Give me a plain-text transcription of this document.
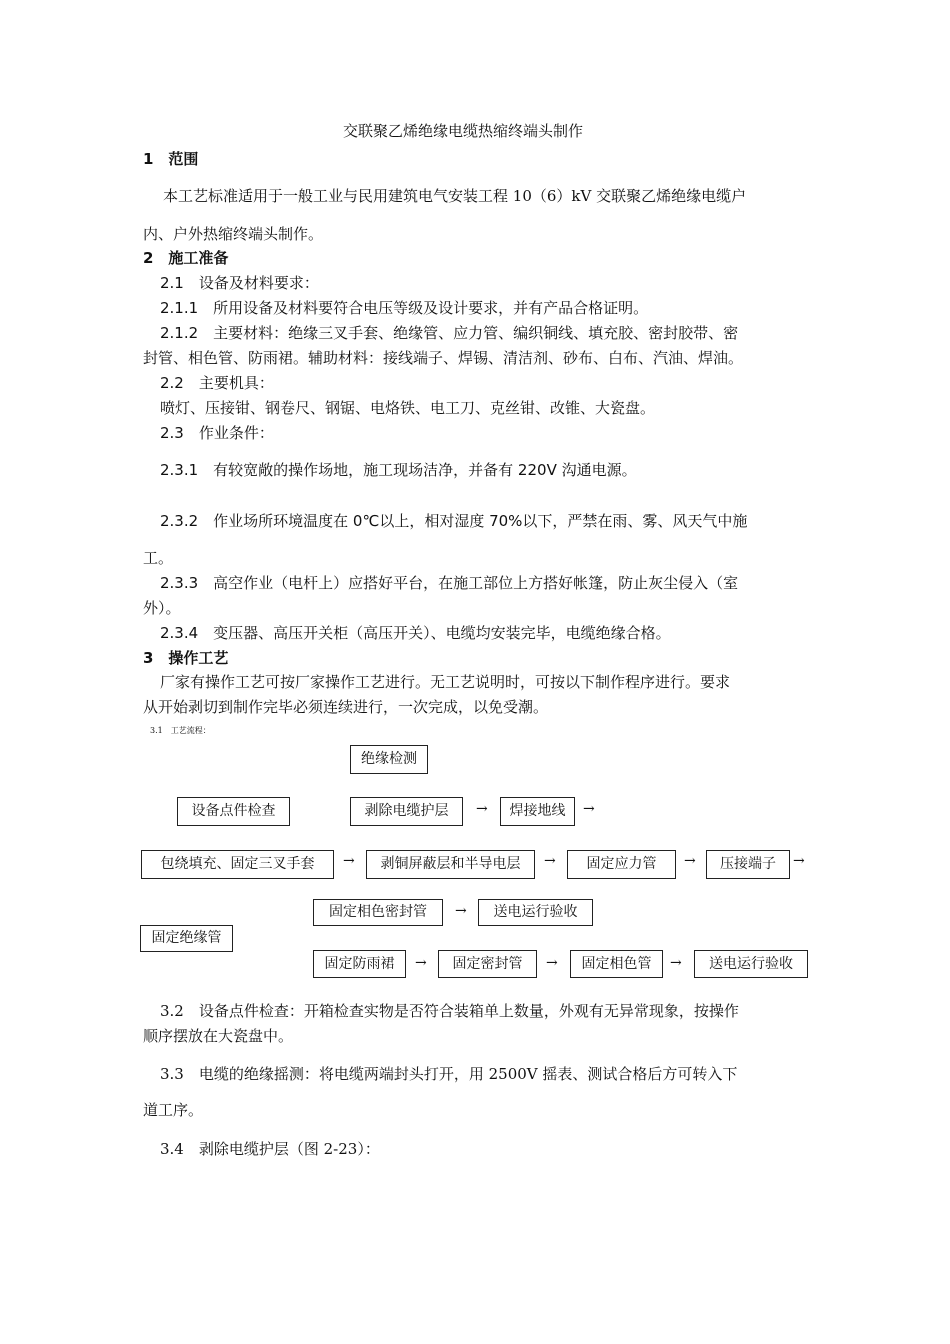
交联聚乙烯绝缘电缆热缩终端头制作
1　范围
本工艺标准适用于一般工业与民用建筑电气安装工程 10（6）kV 交联聚乙烯绝缘电缆户
内、户外热缩终端头制作。
2　施工准备
2.1　设备及材料要求：
2.1.1　所用设备及材料要符合电压等级及设计要求，并有产品合格证明。
2.1.2　主要材料：绝缘三叉手套、绝缘管、应力管、编织铜线、填充胶、密封胶带、密
封管、相色管、防雨裙。辅助材料：接线端子、焊锡、清洁剂、砂布、白布、汽油、焊油。
2.2　主要机具：
喷灯、压接钳、钢卷尺、钢锯、电烙铁、电工刀、克丝钳、改锥、大瓷盘。
2.3　作业条件：
2.3.1　有较宽敞的操作场地，施工现场洁净，并备有 220V 沟通电源。
2.3.2　作业场所环境温度在 0℃以上，相对湿度 70%以下，严禁在雨、雾、风天气中施
工。
2.3.3　高空作业（电杆上）应搭好平台，在施工部位上方搭好帐篷，防止灰尘侵入（室
外）。
2.3.4　变压器、高压开关柜（高压开关）、电缆均安装完毕，电缆绝缘合格。
3　操作工艺
厂家有操作工艺可按厂家操作工艺进行。无工艺说明时，可按以下制作程序进行。要求
从开始剥切到制作完毕必须连续进行，一次完成，以免受潮。
3.1　工艺流程：
绝缘检测
设备点件检查	剥除电缆护层	→	焊接地线	→
包绕填充、固定三叉手套	→	剥铜屏蔽层和半导电层	→	固定应力管	→	压接端子	→
固定相色密封管	→	送电运行验收
固定绝缘管
固定防雨裙	→	固定密封管	→	固定相色管	→	送电运行验收
3.2　设备点件检查：开箱检查实物是否符合装箱单上数量，外观有无异常现象，按操作
顺序摆放在大瓷盘中。
3.3　电缆的绝缘摇测：将电缆两端封头打开，用 2500V 摇表、测试合格后方可转入下
道工序。
3.4　剥除电缆护层（图 2-23）：
